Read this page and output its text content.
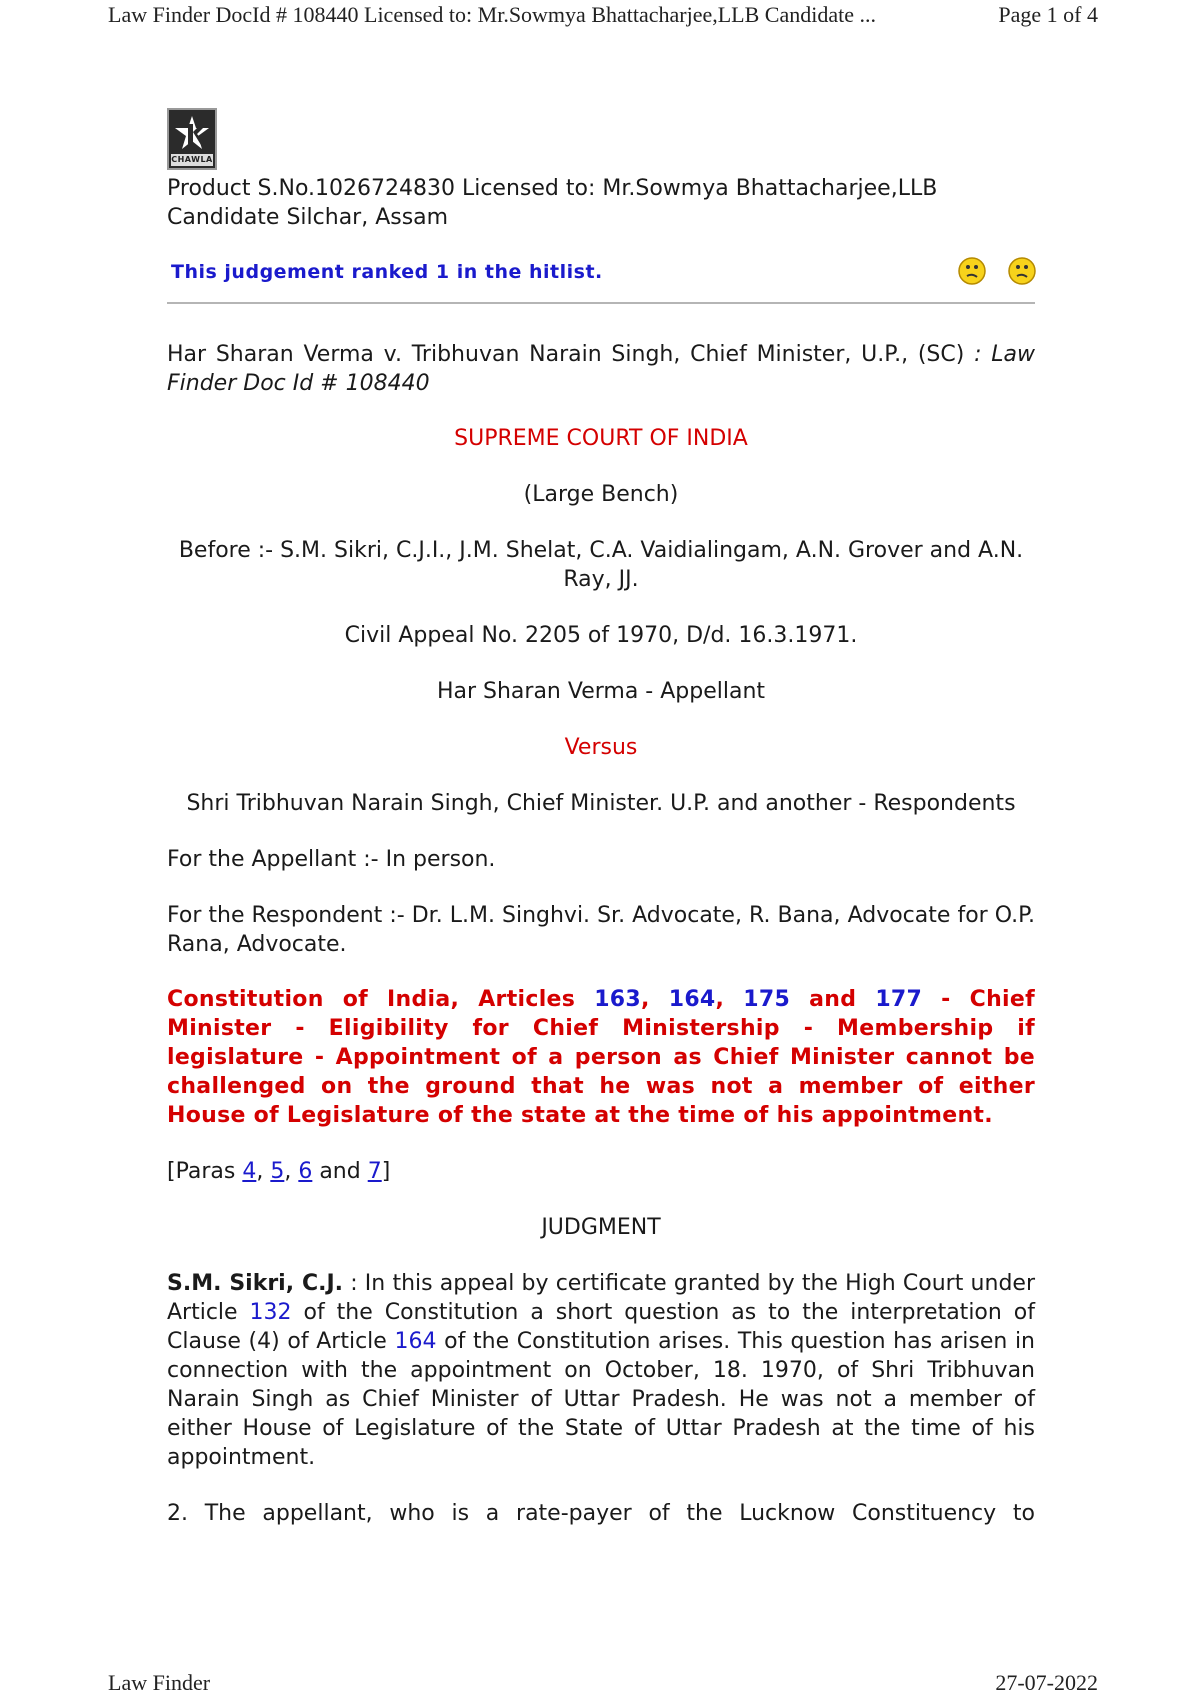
Law Finder DocId # 108440 Licensed to: Mr.Sowmya Bhattacharjee,LLB Candidate ...	Page 1 of 4
CHAWLA

Product S.No.1026724830 Licensed to: Mr.Sowmya Bhattacharjee,LLB Candidate Silchar, Assam

This judgement ranked 1 in the hitlist.

Har Sharan Verma v. Tribhuvan Narain Singh, Chief Minister, U.P., (SC) : Law Finder Doc Id # 108440

SUPREME COURT OF INDIA

(Large Bench)

Before :- S.M. Sikri, C.J.I., J.M. Shelat, C.A. Vaidialingam, A.N. Grover and A.N. Ray, JJ.

Civil Appeal No. 2205 of 1970, D/d. 16.3.1971.

Har Sharan Verma - Appellant

Versus

Shri Tribhuvan Narain Singh, Chief Minister. U.P. and another - Respondents

For the Appellant :- In person.

For the Respondent :- Dr. L.M. Singhvi. Sr. Advocate, R. Bana, Advocate for O.P. Rana, Advocate.

Constitution of India, Articles 163, 164, 175 and 177 - Chief Minister - Eligibility for Chief Ministership - Membership if legislature - Appointment of a person as Chief Minister cannot be challenged on the ground that he was not a member of either House of Legislature of the state at the time of his appointment.

[Paras 4, 5, 6 and 7]

JUDGMENT

S.M. Sikri, C.J. : In this appeal by certificate granted by the High Court under Article 132 of the Constitution a short question as to the interpretation of Clause (4) of Article 164 of the Constitution arises. This question has arisen in connection with the appointment on October, 18. 1970, of Shri Tribhuvan Narain Singh as Chief Minister of Uttar Pradesh. He was not a member of either House of Legislature of the State of Uttar Pradesh at the time of his appointment.

2. The appellant, who is a rate-payer of the Lucknow Constituency to

Law Finder	27-07-2022
